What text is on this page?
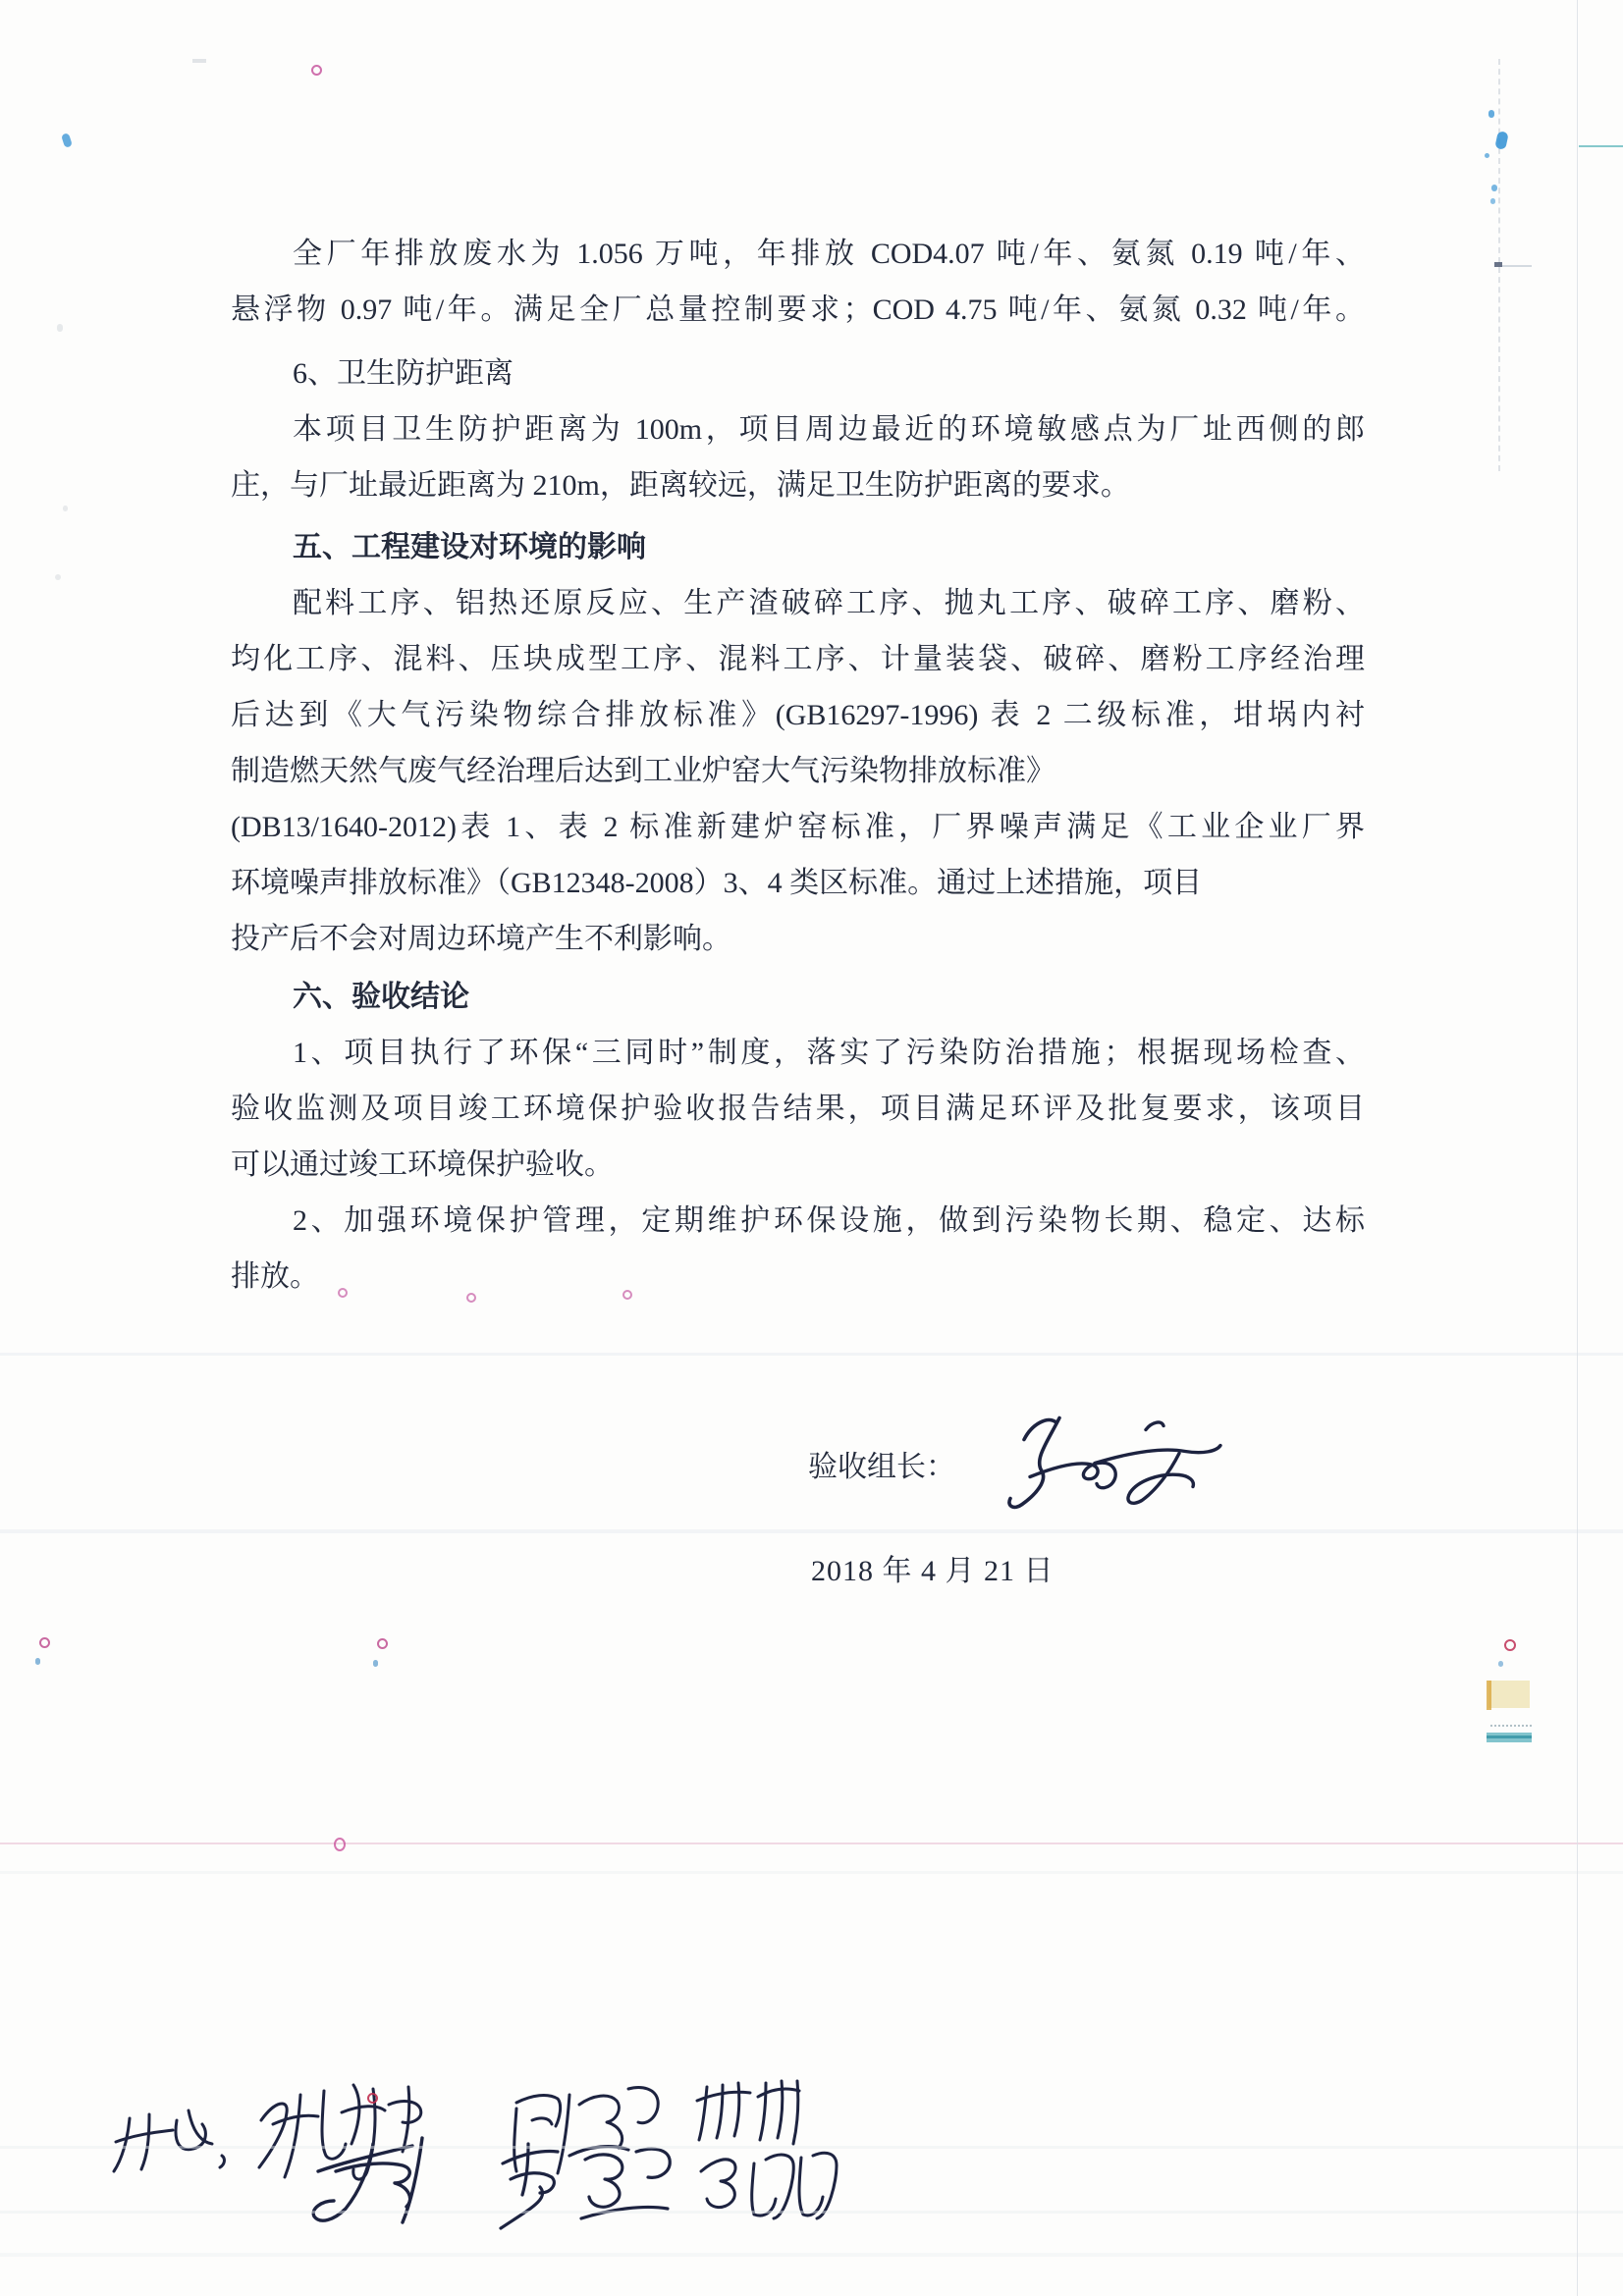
全厂年排放废水为 1.056 万吨，年排放 COD4.07 吨/年、氨氮 0.19 吨/年、
悬浮物 0.97 吨/年。满足全厂总量控制要求；COD 4.75 吨/年、氨氮 0.32 吨/年。
6、卫生防护距离
本项目卫生防护距离为 100m，项目周边最近的环境敏感点为厂址西侧的郎
庄，与厂址最近距离为 210m，距离较远，满足卫生防护距离的要求。
五、工程建设对环境的影响
配料工序、铝热还原反应、生产渣破碎工序、抛丸工序、破碎工序、磨粉、
均化工序、混料、压块成型工序、混料工序、计量装袋、破碎、磨粉工序经治理
后达到《大气污染物综合排放标准》(GB16297-1996) 表 2 二级标准，坩埚内衬
制造燃天然气废气经治理后达到工业炉窑大气污染物排放标准》
(DB13/1640-2012)表 1、表 2 标准新建炉窑标准，厂界噪声满足《工业企业厂界
环境噪声排放标准》（GB12348-2008）3、4 类区标准。通过上述措施，项目
投产后不会对周边环境产生不利影响。
六、验收结论
1、项目执行了环保“三同时”制度，落实了污染防治措施；根据现场检查、
验收监测及项目竣工环境保护验收报告结果，项目满足环评及批复要求，该项目
可以通过竣工环境保护验收。
2、加强环境保护管理，定期维护环保设施，做到污染物长期、稳定、达标
排放。
验收组长：
2018 年 4 月 21 日
